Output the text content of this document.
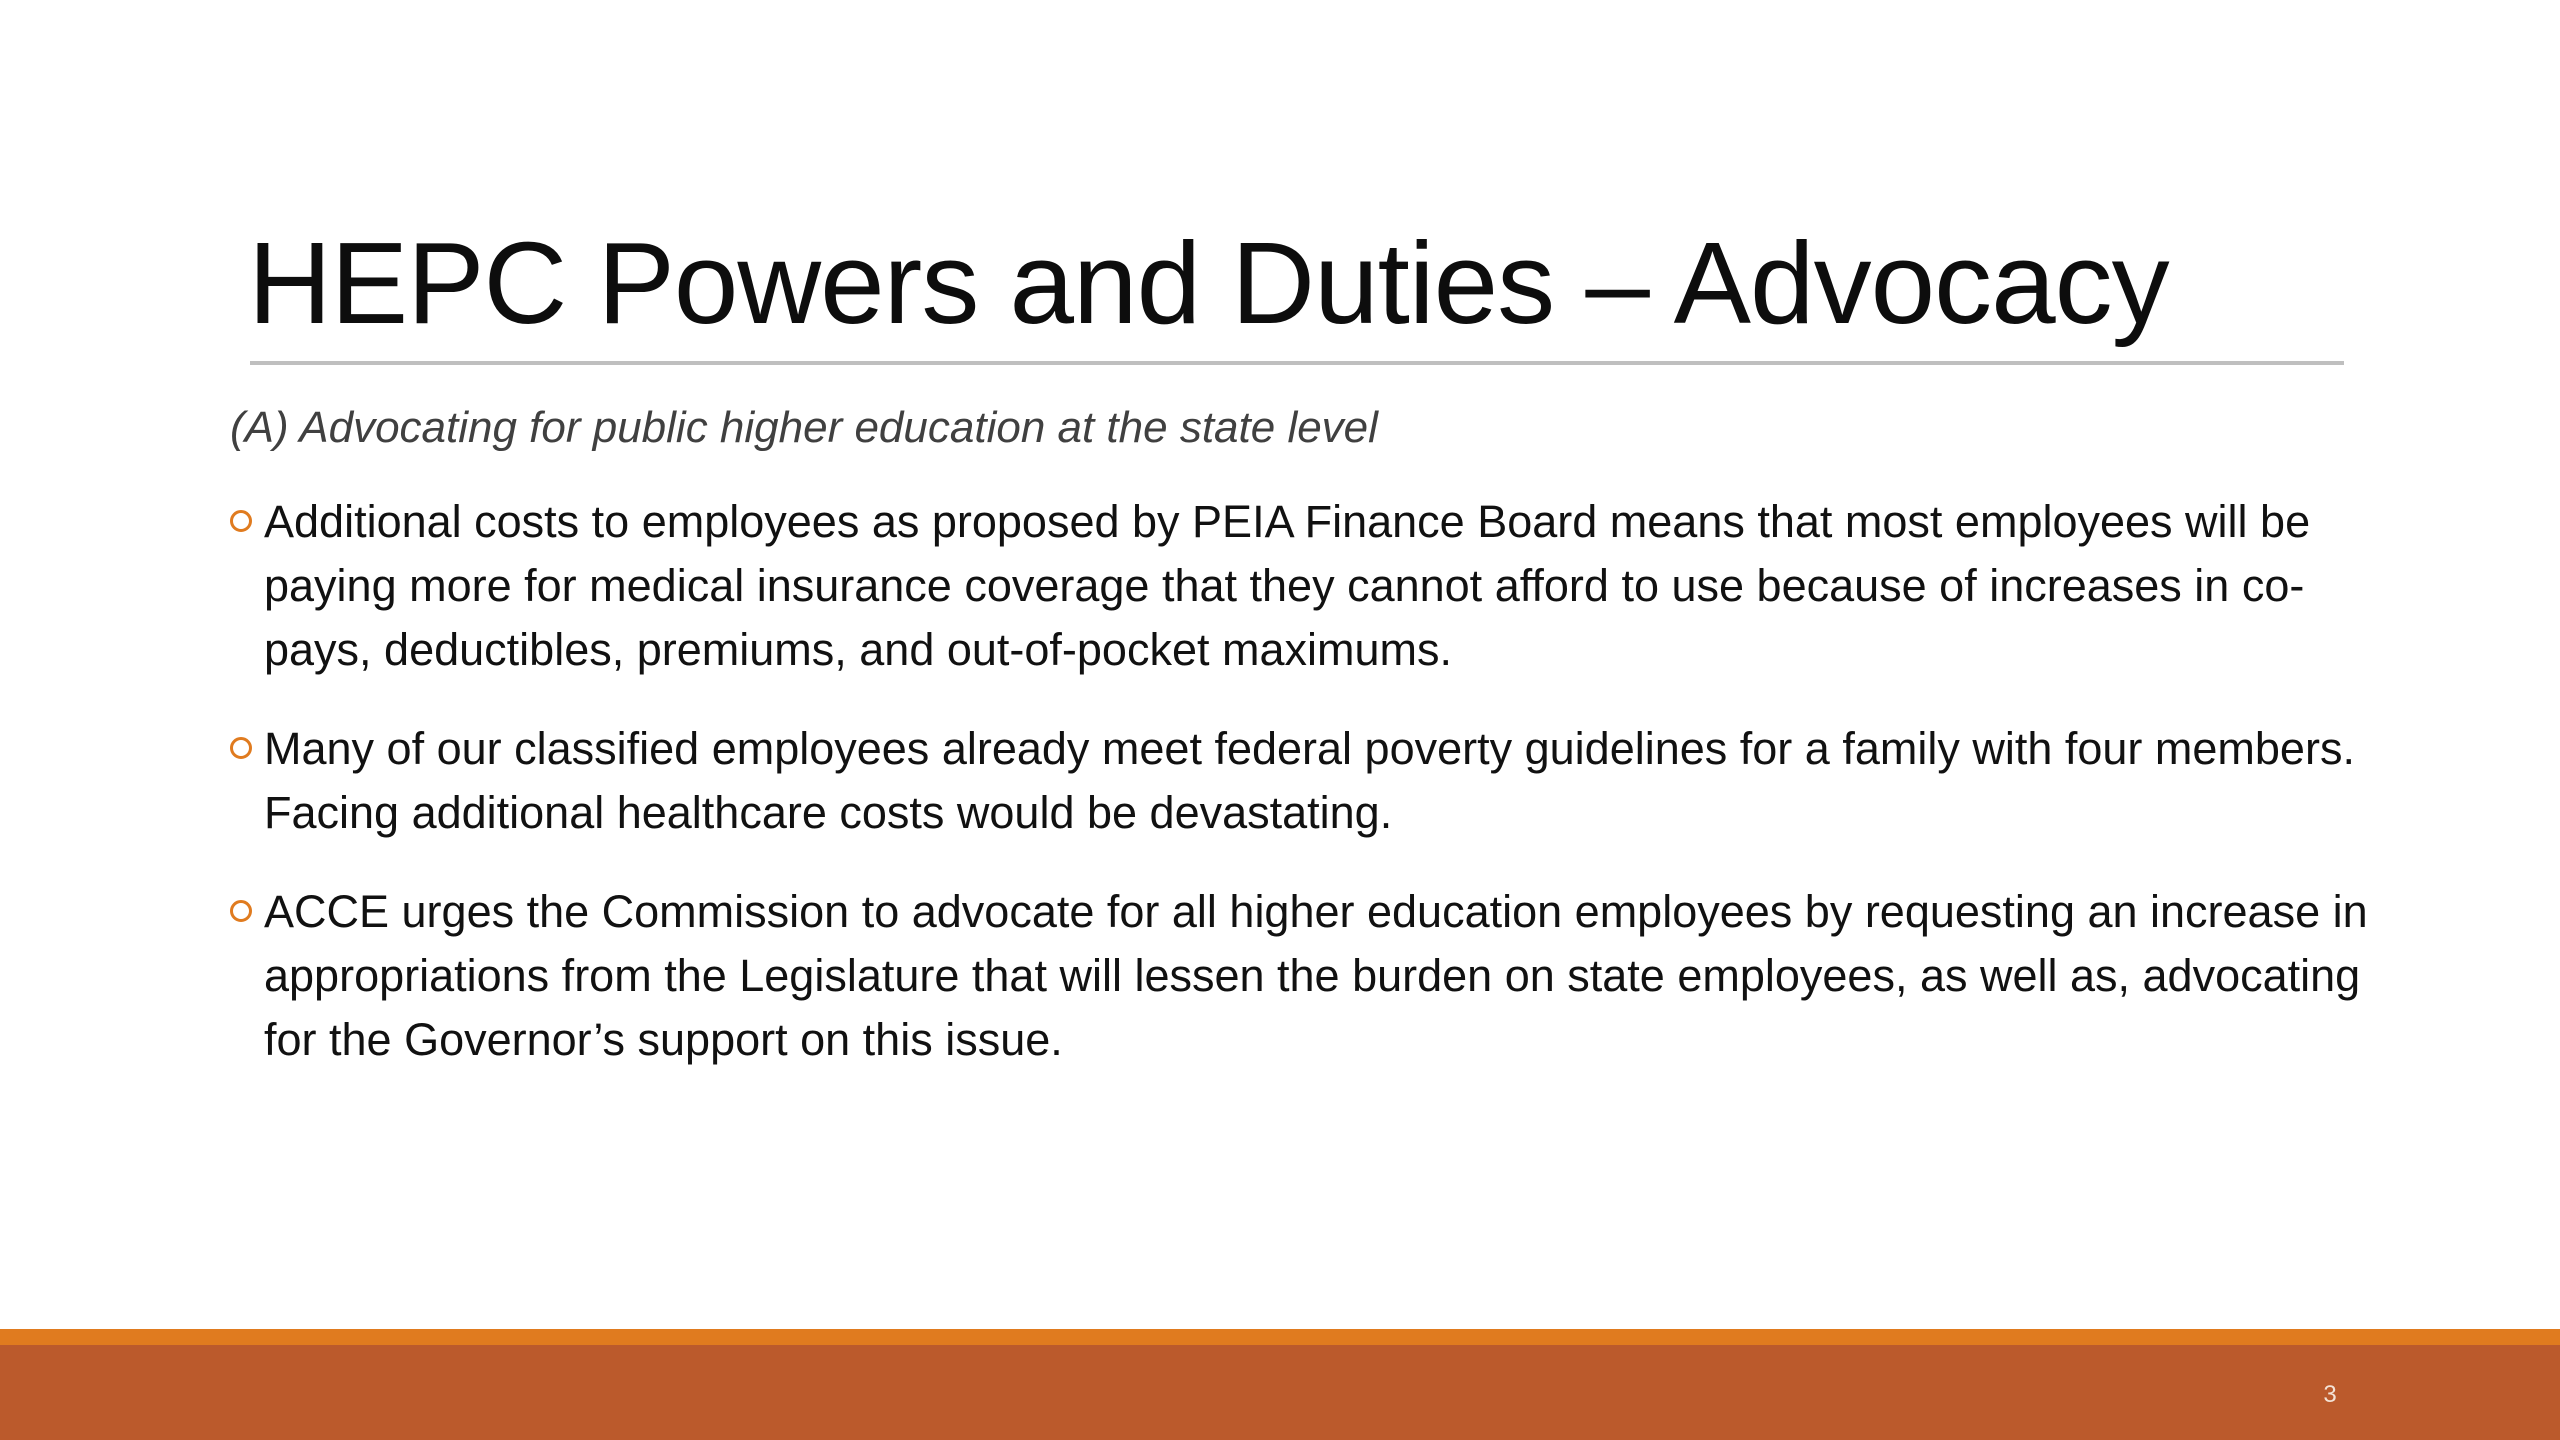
HEPC Powers and Duties – Advocacy
(A) Advocating for public higher education at the state level
Additional costs to employees as proposed by PEIA Finance Board means that most employees will be paying more for medical insurance coverage that they cannot afford to use because of increases in co-pays, deductibles, premiums, and out-of-pocket maximums.
Many of our classified employees already meet federal poverty guidelines for a family with four members. Facing additional healthcare costs would be devastating.
ACCE urges the Commission to advocate for all higher education employees by requesting an increase in appropriations from the Legislature that will lessen the burden on state employees, as well as, advocating for the Governor’s support on this issue.
3
